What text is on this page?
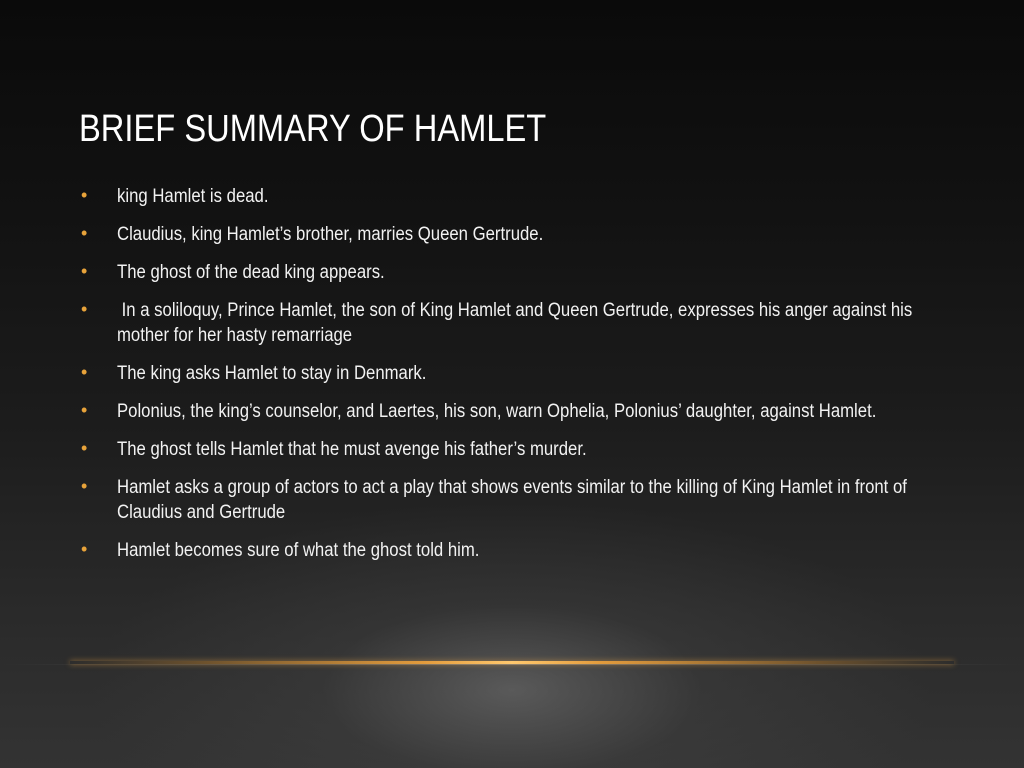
BRIEF SUMMARY OF HAMLET
• king Hamlet is dead.
• Claudius, king Hamlet’s brother, marries Queen Gertrude.
• The ghost of the dead king appears.
• In a soliloquy, Prince Hamlet, the son of King Hamlet and Queen Gertrude, expresses his anger against his mother for her hasty remarriage
• The king asks Hamlet to stay in Denmark.
• Polonius, the king’s counselor, and Laertes, his son, warn Ophelia, Polonius’ daughter, against Hamlet.
• The ghost tells Hamlet that he must avenge his father’s murder.
• Hamlet asks a group of actors to act a play that shows events similar to the killing of King Hamlet in front of Claudius and Gertrude
• Hamlet becomes sure of what the ghost told him.
